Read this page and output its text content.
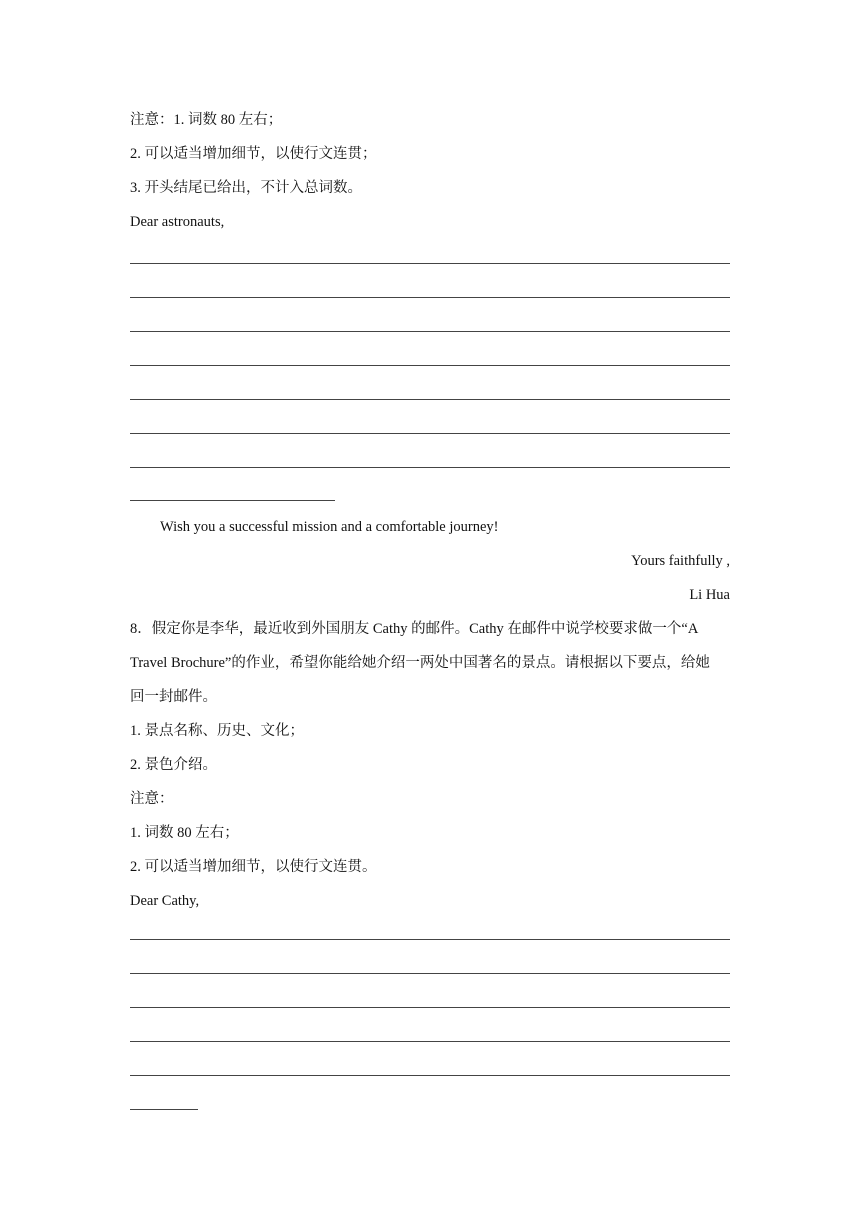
注意：1. 词数 80 左右；
2. 可以适当增加细节，以使行文连贯；
3. 开头结尾已给出，不计入总词数。
Dear astronauts,
Wish you a successful mission and a comfortable journey!
Yours faithfully ,
Li Hua
8．假定你是李华，最近收到外国朋友 Cathy 的邮件。Cathy 在邮件中说学校要求做一个“A
Travel Brochure”的作业，希望你能给她介绍一两处中国著名的景点。请根据以下要点，给她
回一封邮件。
1. 景点名称、历史、文化；
2. 景色介绍。
注意：
1. 词数 80 左右；
2. 可以适当增加细节，以使行文连贯。
Dear Cathy,
